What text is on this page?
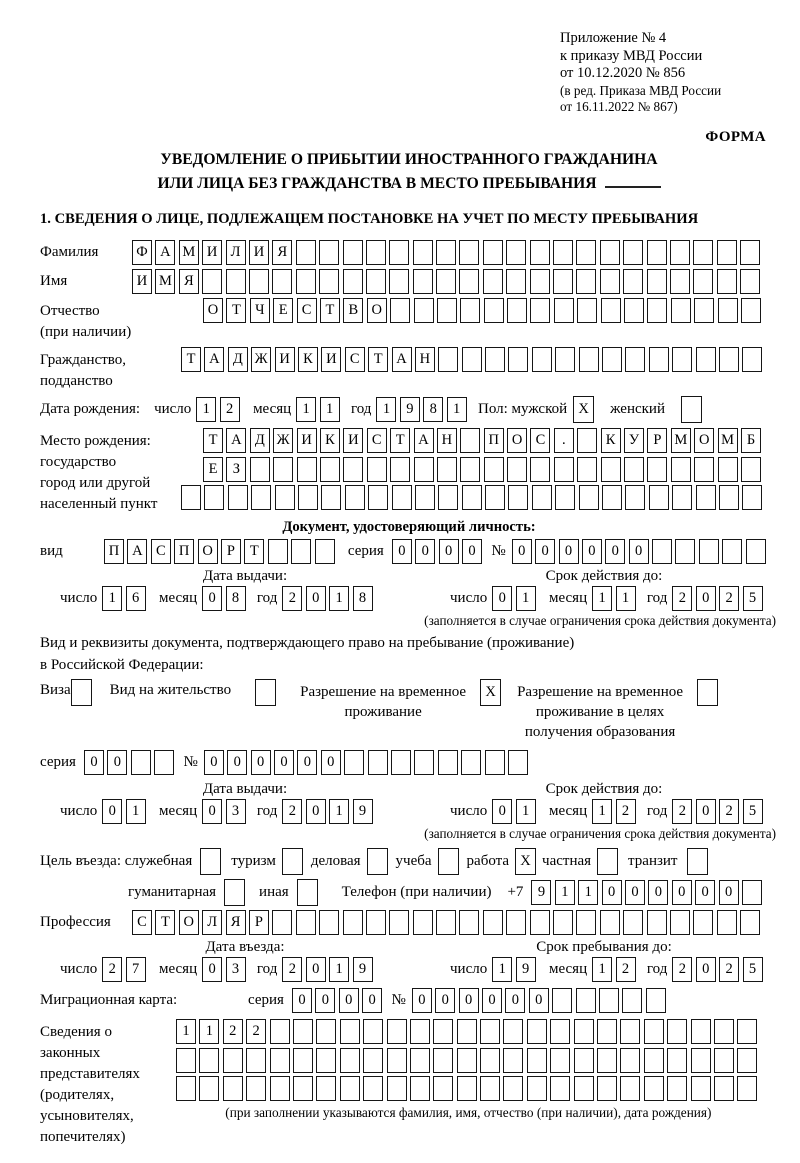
Приложение № 4
к приказу МВД России
от 10.12.2020 № 856
(в ред. Приказа МВД России
от 16.11.2022 № 867)
ФОРМА
УВЕДОМЛЕНИЕ О ПРИБЫТИИ ИНОСТРАННОГО ГРАЖДАНИНА
ИЛИ ЛИЦА БЕЗ ГРАЖДАНСТВА В МЕСТО ПРЕБЫВАНИЯ
1. СВЕДЕНИЯ О ЛИЦЕ, ПОДЛЕЖАЩЕМ ПОСТАНОВКЕ НА УЧЕТ ПО МЕСТУ ПРЕБЫВАНИЯ
Фамилия	Ф А М И Л И Я
Имя	И М Я
Отчество
(при наличии)
О Т Ч Е С Т В О
Гражданство,
подданство
Т А Д Ж И К И С Т А Н
Дата рождения: число 1	2	месяц 1	1	год 1	9	8	1	Пол: мужской X	женский
Место рождения:
государство
город или другой
населенный пункт
Т А Д Ж И К И С Т А Н	П О С	.	К У Р М О М Б
Е	З
Документ, удостоверяющий личность:
вид	П А С П О Р	Т	серия 0	0	0	0	№ 0	0	0	0	0	0
Дата выдачи:	Срок действия до:
число 1	6	месяц 0	8	год 2	0	1	8	число 0	1	месяц 1	1	год 2	0	2	5
(заполняется в случае ограничения срока действия документа)
Вид и реквизиты документа, подтверждающего право на пребывание (проживание)
в Российской Федерации:
Виза	Вид на жительство	Разрешение на временное
проживание
X	Разрешение на временное
проживание в целях
получения образования
серия 0	0	№ 0	0	0	0	0	0
Дата выдачи:	Срок действия до:
число 0	1	месяц 0	3	год 2	0	1	9	число 0	1	месяц 1	2	год 2	0	2	5
(заполняется в случае ограничения срока действия документа)
Цель въезда: служебная	туризм деловая учеба работа X частная транзит
гуманитарная	иная	Телефон (при наличии) +7 9	1	1	0	0	0	0	0	0
Профессия	С Т О Л Я	Р
Дата въезда:	Срок пребывания до:
число 2	7	месяц 0	3	год 2	0	1	9	число 1	9	месяц 1	2	год 2	0	2	5
Миграционная карта:	серия 0	0	0	0	№ 0	0	0	0	0	0
Сведения о
законных
представителях
(родителях,
усыновителях,
попечителях)
1	1	2	2
(при заполнении указываются фамилия, имя, отчество (при наличии), дата рождения)
